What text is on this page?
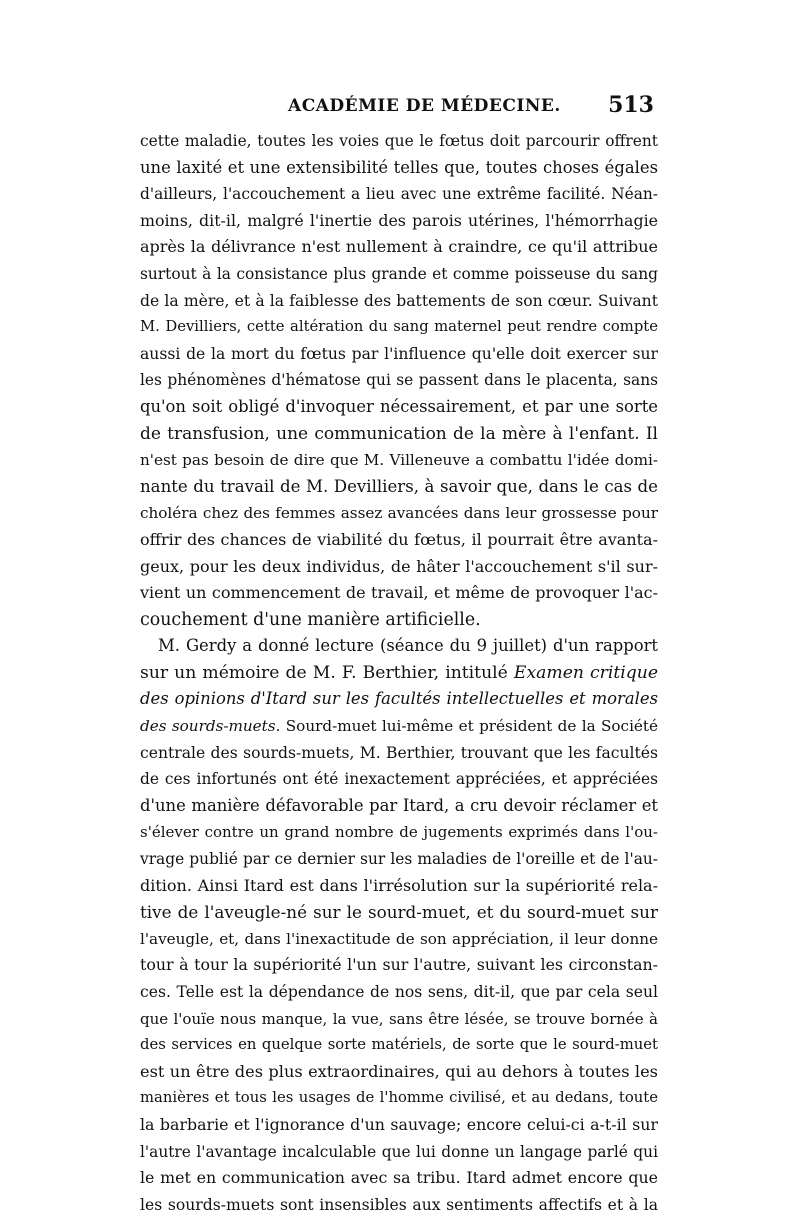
ACADÉMIE DE MÉDECINE. 513
cette maladie, toutes les voies que le fœtus doit parcourir offrent
une laxité et une extensibilité telles que, toutes choses égales
d'ailleurs, l'accouchement a lieu avec une extrême facilité. Néan-
moins, dit-il, malgré l'inertie des parois utérines, l'hémorrhagie
après la délivrance n'est nullement à craindre, ce qu'il attribue
surtout à la consistance plus grande et comme poisseuse du sang
de la mère, et à la faiblesse des battements de son cœur. Suivant
M. Devilliers, cette altération du sang maternel peut rendre compte
aussi de la mort du fœtus par l'influence qu'elle doit exercer sur
les phénomènes d'hématose qui se passent dans le placenta, sans
qu'on soit obligé d'invoquer nécessairement, et par une sorte
de transfusion, une communication de la mère à l'enfant. Il
n'est pas besoin de dire que M. Villeneuve a combattu l'idée domi-
nante du travail de M. Devilliers, à savoir que, dans le cas de
choléra chez des femmes assez avancées dans leur grossesse pour
offrir des chances de viabilité du fœtus, il pourrait être avanta-
geux, pour les deux individus, de hâter l'accouchement s'il sur-
vient un commencement de travail, et même de provoquer l'ac-
couchement d'une manière artificielle.
M. Gerdy a donné lecture (séance du 9 juillet) d'un rapport
sur un mémoire de M. F. Berthier, intitulé Examen critique
des opinions d'Itard sur les facultés intellectuelles et morales
des sourds-muets. Sourd-muet lui-même et président de la Société
centrale des sourds-muets, M. Berthier, trouvant que les facultés
de ces infortunés ont été inexactement appréciées, et appréciées
d'une manière défavorable par Itard, a cru devoir réclamer et
s'élever contre un grand nombre de jugements exprimés dans l'ou-
vrage publié par ce dernier sur les maladies de l'oreille et de l'au-
dition. Ainsi Itard est dans l'irrésolution sur la supériorité rela-
tive de l'aveugle-né sur le sourd-muet, et du sourd-muet sur
l'aveugle, et, dans l'inexactitude de son appréciation, il leur donne
tour à tour la supériorité l'un sur l'autre, suivant les circonstan-
ces. Telle est la dépendance de nos sens, dit-il, que par cela seul
que l'ouïe nous manque, la vue, sans être lésée, se trouve bornée à
des services en quelque sorte matériels, de sorte que le sourd-muet
est un être des plus extraordinaires, qui au dehors à toutes les
manières et tous les usages de l'homme civilisé, et au dedans, toute
la barbarie et l'ignorance d'un sauvage; encore celui-ci a-t-il sur
l'autre l'avantage incalculable que lui donne un langage parlé qui
le met en communication avec sa tribu. Itard admet encore que
les sourds-muets sont insensibles aux sentiments affectifs et à la
